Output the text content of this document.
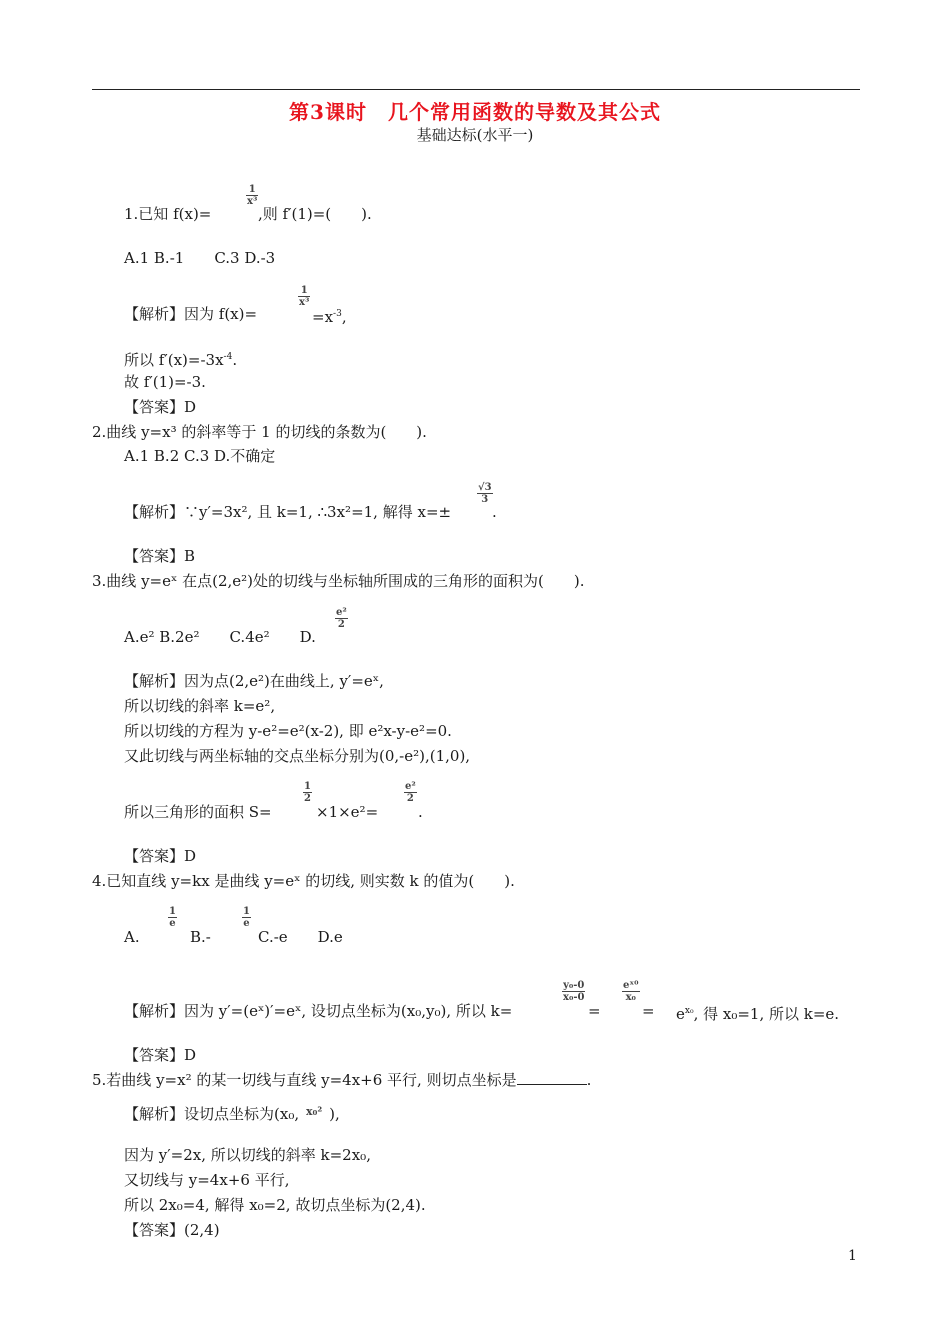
第3课时　几个常用函数的导数及其公式
基础达标(水平一)
1.已知 f(x)=
$\frac{1}{\text{x³}}$
,则 f′(1)=(　　).
A.1 B.-1　　C.3 D.-3
【解析】因为 f(x)=
$\frac{1}{\text{x³}}$
$=x^{-3}$,
所以 $f'(x)=-3x^{-4}$.
故 f′(1)=-3.
【答案】D
2.曲线 y=x³ 的斜率等于 1 的切线的条数为(　　).
A.1 B.2 C.3 D.不确定
【解析】∵y′=3x², 且 k=1, ∴3x²=1, 解得 x=±
$\frac{√3}{3}$
.
【答案】B
3.曲线 y=eˣ 在点(2,e²)处的切线与坐标轴所围成的三角形的面积为(　　).
A.e² B.2e²　　C.4e²　　D.
$\frac{\text{e²}}{2}$
【解析】因为点(2,e²)在曲线上, y′=eˣ,
所以切线的斜率 k=e²,
所以切线的方程为 y-e²=e²(x-2), 即 e²x-y-e²=0.
又此切线与两坐标轴的交点坐标分别为(0,-e²),(1,0),
所以三角形的面积 S=
$\frac{1}{2}$
×1×e²=
$\frac{\text{e²}}{2}$
.
【答案】D
4.已知直线 y=kx 是曲线 y=eˣ 的切线, 则实数 k 的值为(　　).
A.
$\frac{1}{e}$
B.-
$\frac{1}{e}$
C.-e　　D.e
【解析】因为 y′=(eˣ)′=eˣ, 设切点坐标为(x₀,y₀), 所以 k=
$\frac{\text{y₀-0}}{\text{x₀-0}}$
=
$\frac{\text{eˣ⁰}}{\text{x₀}}$
= $e^{x_0}$, 得 x₀=1, 所以 k=e.
【答案】D
5.若曲线 y=x² 的某一切线与直线 y=4x+6 平行, 则切点坐标是	.
【解析】设切点坐标为(x₀, x₀² ),
因为 y′=2x, 所以切线的斜率 k=2x₀,
又切线与 y=4x+6 平行,
所以 2x₀=4, 解得 x₀=2, 故切点坐标为(2,4).
【答案】(2,4)
1
